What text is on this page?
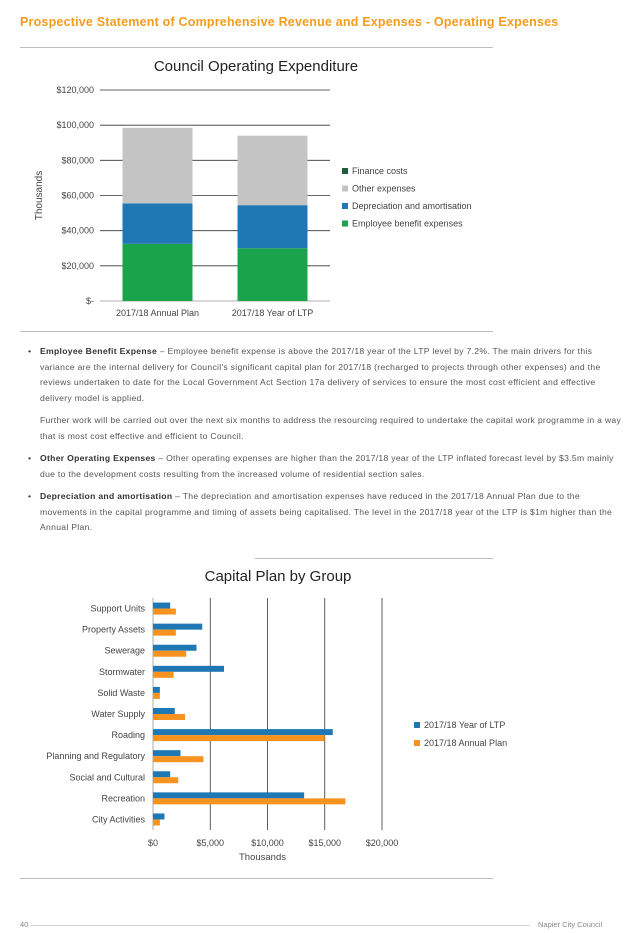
Prospective Statement of Comprehensive Revenue and Expenses - Operating Expenses
Council Operating Expenditure
$-
$20,000
$40,000
$60,000
$80,000
$100,000
$120,000
Thousands
2017/18 Annual Plan	2017/18 Year of LTP
Finance costs
Other expenses
Depreciation and amortisation
Employee benefit expenses
•	Employee Benefit Expense – Employee benefit expense is above the 2017/18 year of the LTP level by 7.2%. The main drivers for this variance are the internal delivery for Council's significant capital plan for 2017/18 (recharged to projects through other expenses) and the reviews undertaken to date for the Local Government Act Section 17a delivery of services to ensure the most cost efficient and effective delivery model is applied.

Further work will be carried out over the next six months to address the resourcing required to undertake the capital work programme in a way that is most cost effective and efficient to Council.

•	Other Operating Expenses – Other operating expenses are higher than the 2017/18 year of the LTP inflated forecast level by $3.5m mainly due to the development costs resulting from the increased volume of residential section sales.

•	Depreciation and amortisation – The depreciation and amortisation expenses have reduced in the 2017/18 Annual Plan due to the movements in the capital programme and timing of assets being capitalised. The level in the 2017/18 year of the LTP is $1m higher than the Annual Plan.

Capital Plan by Group
$0	$5,000	$10,000	$15,000	$20,000
Thousands
Support Units
Property Assets
Sewerage
Stormwater
Solid Waste
Water Supply
Roading
Planning and Regulatory
Social and Cultural
Recreation
City Activities
2017/18 Year of LTP
2017/18 Annual Plan
40	Napier City Council
